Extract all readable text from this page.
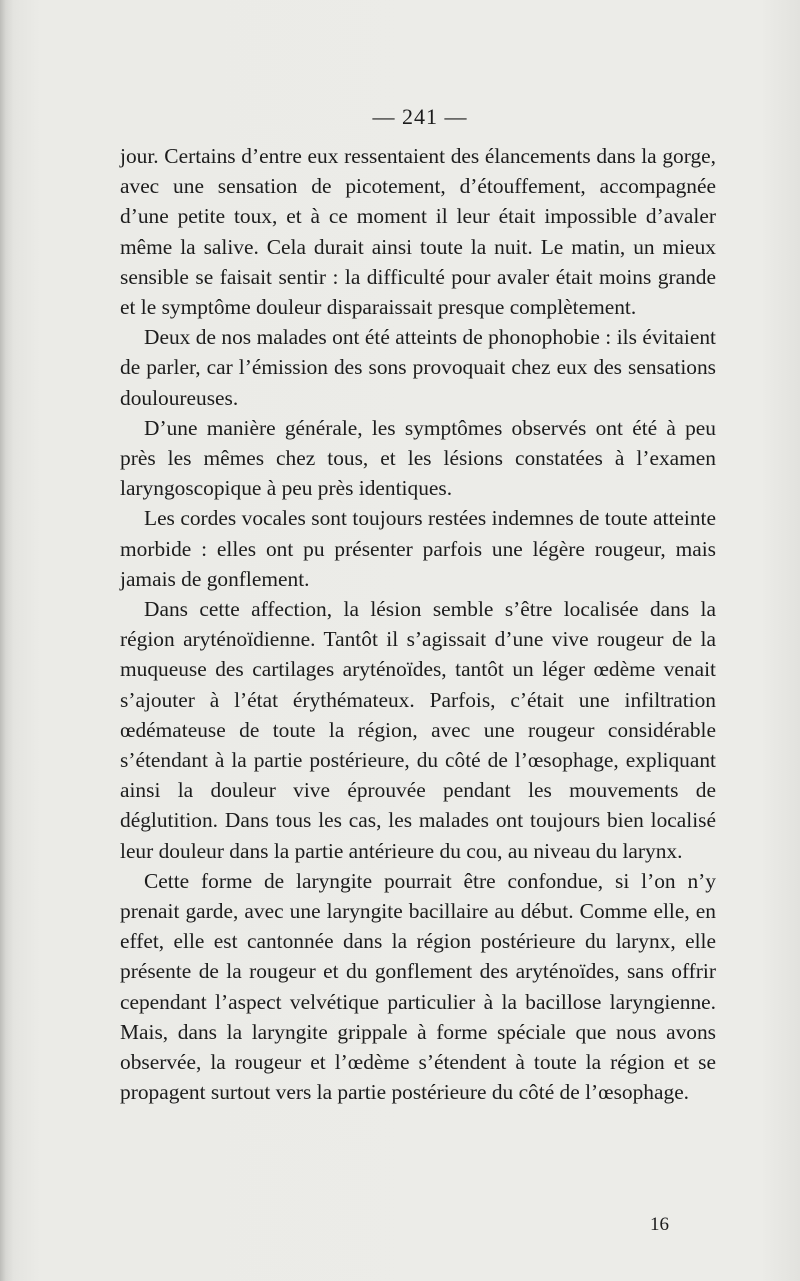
— 241 —

jour. Certains d’entre eux ressentaient des élancements dans la gorge, avec une sensation de picotement, d’étouffement, accompagnée d’une petite toux, et à ce moment il leur était impossible d’avaler même la salive. Cela durait ainsi toute la nuit. Le matin, un mieux sensible se faisait sentir : la difficulté pour avaler était moins grande et le symptôme douleur disparaissait presque complètement.

Deux de nos malades ont été atteints de phonophobie : ils évitaient de parler, car l’émission des sons provoquait chez eux des sensations douloureuses.

D’une manière générale, les symptômes observés ont été à peu près les mêmes chez tous, et les lésions constatées à l’examen laryngoscopique à peu près identiques.

Les cordes vocales sont toujours restées indemnes de toute atteinte morbide : elles ont pu présenter parfois une légère rougeur, mais jamais de gonflement.

Dans cette affection, la lésion semble s’être localisée dans la région aryténoïdienne. Tantôt il s’agissait d’une vive rougeur de la muqueuse des cartilages aryténoïdes, tantôt un léger œdème venait s’ajouter à l’état érythémateux. Parfois, c’était une infiltration œdémateuse de toute la région, avec une rougeur considérable s’étendant à la partie postérieure, du côté de l’œsophage, expliquant ainsi la douleur vive éprouvée pendant les mouvements de déglutition. Dans tous les cas, les malades ont toujours bien localisé leur douleur dans la partie antérieure du cou, au niveau du larynx.

Cette forme de laryngite pourrait être confondue, si l’on n’y prenait garde, avec une laryngite bacillaire au début. Comme elle, en effet, elle est cantonnée dans la région postérieure du larynx, elle présente de la rougeur et du gonflement des aryténoïdes, sans offrir cependant l’aspect velvétique particulier à la bacillose laryngienne. Mais, dans la laryngite grippale à forme spéciale que nous avons observée, la rougeur et l’œdème s’étendent à toute la région et se propagent surtout vers la partie postérieure du côté de l’œsophage.

16
